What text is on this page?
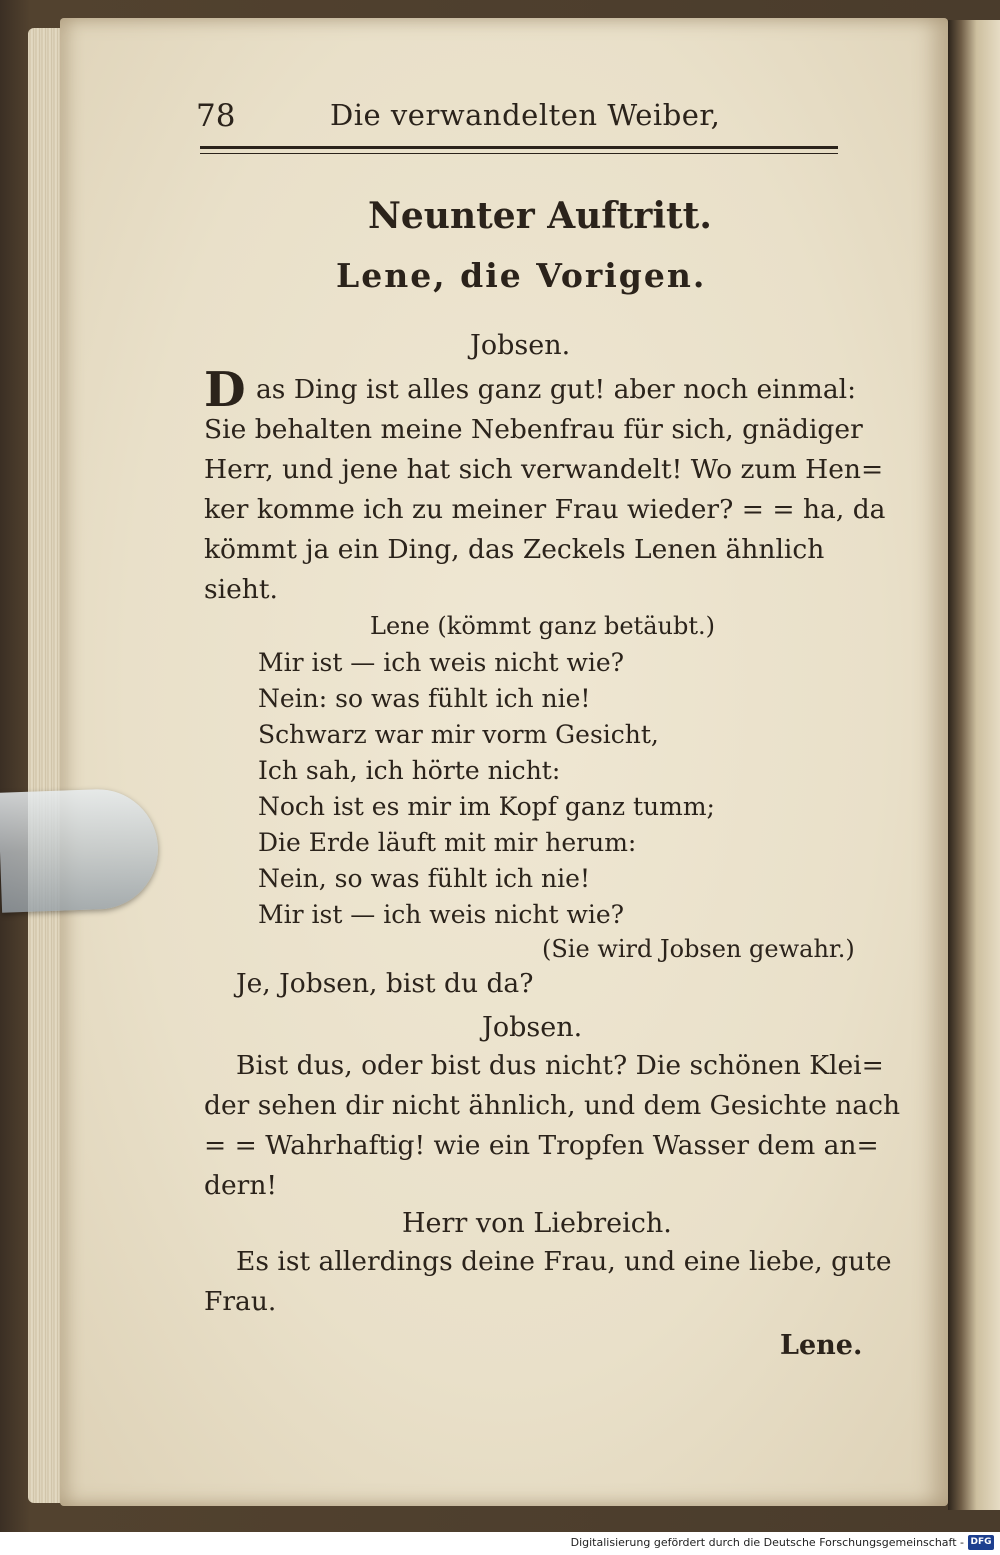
78	Die verwandelten Weiber,
Neunter Auftritt.
Lene, die Vorigen.
Jobsen.
D as Ding ist alles ganz gut! aber noch einmal:
Sie behalten meine Nebenfrau für sich, gnädiger
Herr, und jene hat sich verwandelt! Wo zum Hen=
ker komme ich zu meiner Frau wieder? = = ha, da
kömmt ja ein Ding, das Zeckels Lenen ähnlich
sieht.
Lene (kömmt ganz betäubt.)
Mir ist — ich weis nicht wie?
Nein: so was fühlt ich nie!
Schwarz war mir vorm Gesicht,
Ich sah, ich hörte nicht:
Noch ist es mir im Kopf ganz tumm;
Die Erde läuft mit mir herum:
Nein, so was fühlt ich nie!
Mir ist — ich weis nicht wie?
(Sie wird Jobsen gewahr.)
Je, Jobsen, bist du da?
Jobsen.
Bist dus, oder bist dus nicht? Die schönen Klei=
der sehen dir nicht ähnlich, und dem Gesichte nach
= = Wahrhaftig! wie ein Tropfen Wasser dem an=
dern!
Herr von Liebreich.
Es ist allerdings deine Frau, und eine liebe, gute
Frau.
Lene.
Digitalisierung gefördert durch die Deutsche Forschungsgemeinschaft - DFG
